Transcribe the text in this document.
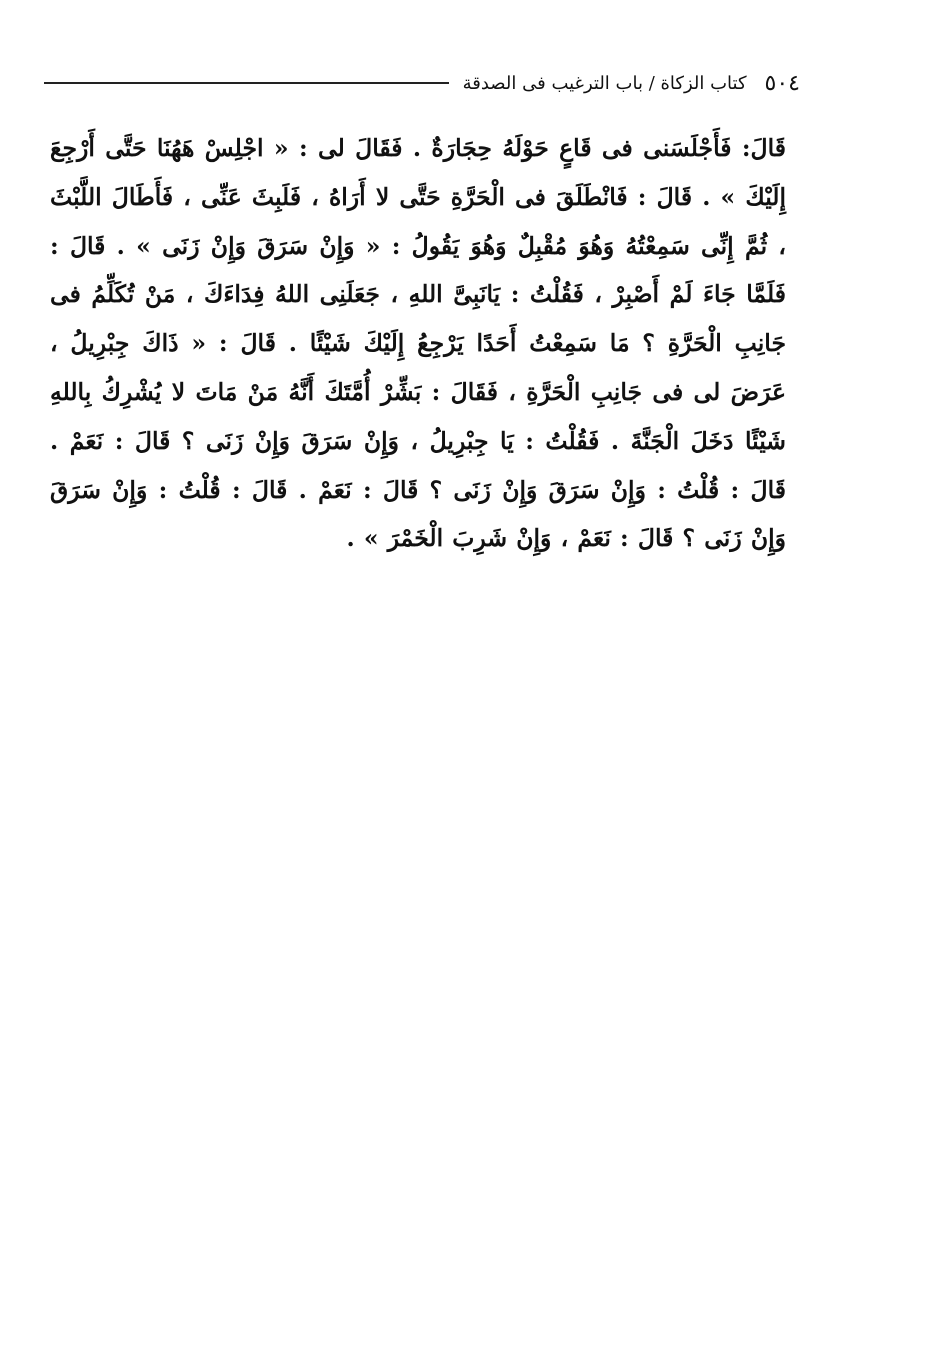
٥٠٤
كتاب الزكاة / باب الترغيب فى الصدقة
قَالَ: فَأَجْلَسَنى فى قَاعٍ حَوْلَهُ حِجَارَةٌ . فَقَالَ لى : « اجْلِسْ هَهُنَا حَتَّى أَرْجِعَ إِلَيْكَ » . قَالَ : فَانْطَلَقَ فى الْحَرَّةِ حَتَّى لا أَرَاهُ ، فَلَبِثَ عَنِّى ، فَأَطَالَ اللَّبْثَ ، ثُمَّ إِنِّى سَمِعْتُهُ وَهُوَ مُقْبِلٌ وَهُوَ يَقُولُ : « وَإِنْ سَرَقَ وَإِنْ زَنَى » . قَالَ : فَلَمَّا جَاءَ لَمْ أَصْبِرْ ، فَقُلْتُ : يَانَبِىَّ اللهِ ، جَعَلَنِى اللهُ فِدَاءَكَ ، مَنْ تُكَلِّمُ فى جَانِبِ الْحَرَّةِ ؟ مَا سَمِعْتُ أَحَدًا يَرْجِعُ إِلَيْكَ شَيْئًا . قَالَ : « ذَاكَ جِبْرِيلُ ، عَرَضَ لى فى جَانِبِ الْحَرَّةِ ، فَقَالَ : بَشِّرْ أُمَّتَكَ أَنَّهُ مَنْ مَاتَ لا يُشْرِكُ بِاللهِ شَيْئًا دَخَلَ الْجَنَّةَ . فَقُلْتُ : يَا جِبْرِيلُ ، وَإِنْ سَرَقَ وَإِنْ زَنَى ؟ قَالَ : نَعَمْ . قَالَ : قُلْتُ : وَإِنْ سَرَقَ وَإِنْ زَنَى ؟ قَالَ : نَعَمْ . قَالَ : قُلْتُ : وَإِنْ سَرَقَ وَإِنْ زَنَى ؟ قَالَ : نَعَمْ ، وَإِنْ شَرِبَ الْخَمْرَ » .
